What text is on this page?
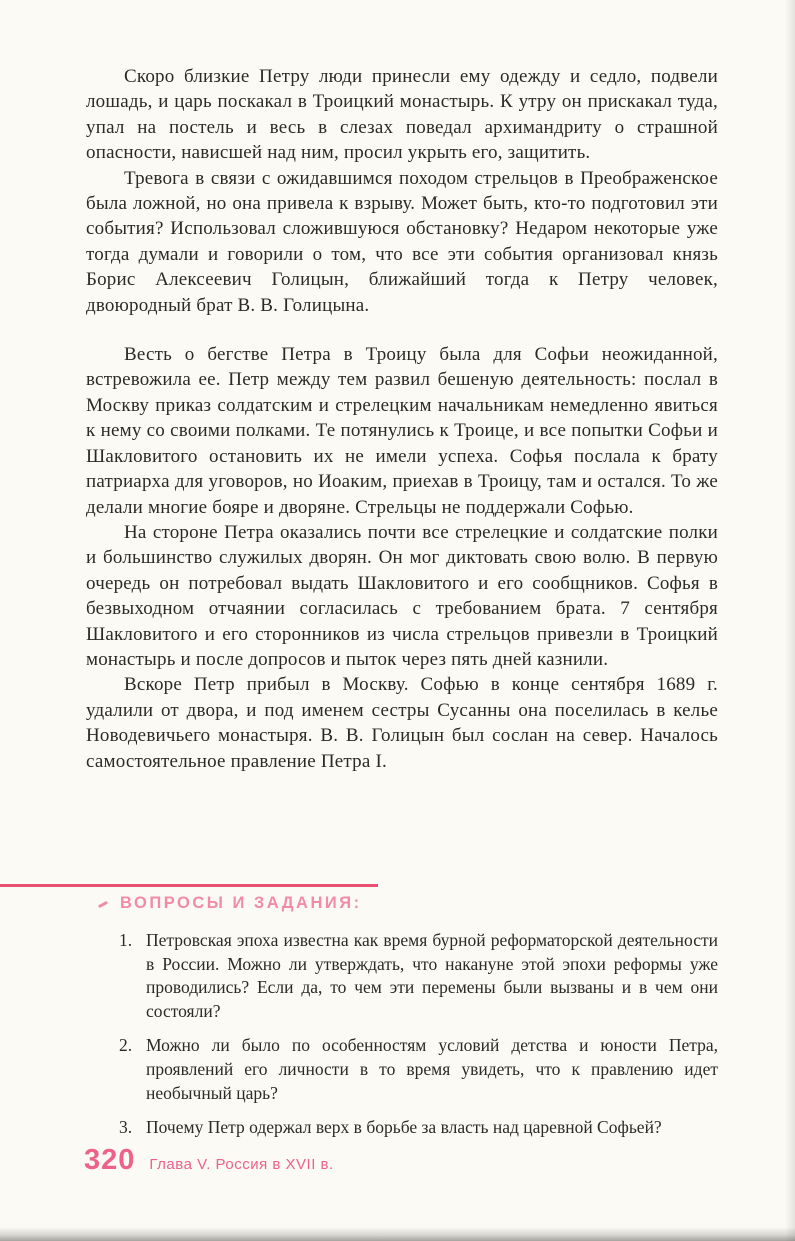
Скоро близкие Петру люди принесли ему одежду и седло, подвели лошадь, и царь поскакал в Троицкий монастырь. К утру он прискакал туда, упал на постель и весь в слезах поведал архимандриту о страшной опасности, нависшей над ним, просил укрыть его, защитить.

Тревога в связи с ожидавшимся походом стрельцов в Преображенское была ложной, но она привела к взрыву. Может быть, кто-то подготовил эти события? Использовал сложившуюся обстановку? Недаром некоторые уже тогда думали и говорили о том, что все эти события организовал князь Борис Алексеевич Голицын, ближайший тогда к Петру человек, двоюродный брат В. В. Голицына.

Весть о бегстве Петра в Троицу была для Софьи неожиданной, встревожила ее. Петр между тем развил бешеную деятельность: послал в Москву приказ солдатским и стрелецким начальникам немедленно явиться к нему со своими полками. Те потянулись к Троице, и все попытки Софьи и Шакловитого остановить их не имели успеха. Софья послала к брату патриарха для уговоров, но Иоаким, приехав в Троицу, там и остался. То же делали многие бояре и дворяне. Стрельцы не поддержали Софью.

На стороне Петра оказались почти все стрелецкие и солдатские полки и большинство служилых дворян. Он мог диктовать свою волю. В первую очередь он потребовал выдать Шакловитого и его сообщников. Софья в безвыходном отчаянии согласилась с требованием брата. 7 сентября Шакловитого и его сторонников из числа стрельцов привезли в Троицкий монастырь и после допросов и пыток через пять дней казнили.

Вскоре Петр прибыл в Москву. Софью в конце сентября 1689 г. удалили от двора, и под именем сестры Сусанны она поселилась в келье Новодевичьего монастыря. В. В. Голицын был сослан на север. Началось самостоятельное правление Петра I.

ВОПРОСЫ И ЗАДАНИЯ:
1. Петровская эпоха известна как время бурной реформаторской деятельности в России. Можно ли утверждать, что накануне этой эпохи реформы уже проводились? Если да, то чем эти перемены были вызваны и в чем они состояли?
2. Можно ли было по особенностям условий детства и юности Петра, проявлений его личности в то время увидеть, что к правлению идет необычный царь?
3. Почему Петр одержал верх в борьбе за власть над царевной Софьей?
320 Глава V. Россия в XVII в.
